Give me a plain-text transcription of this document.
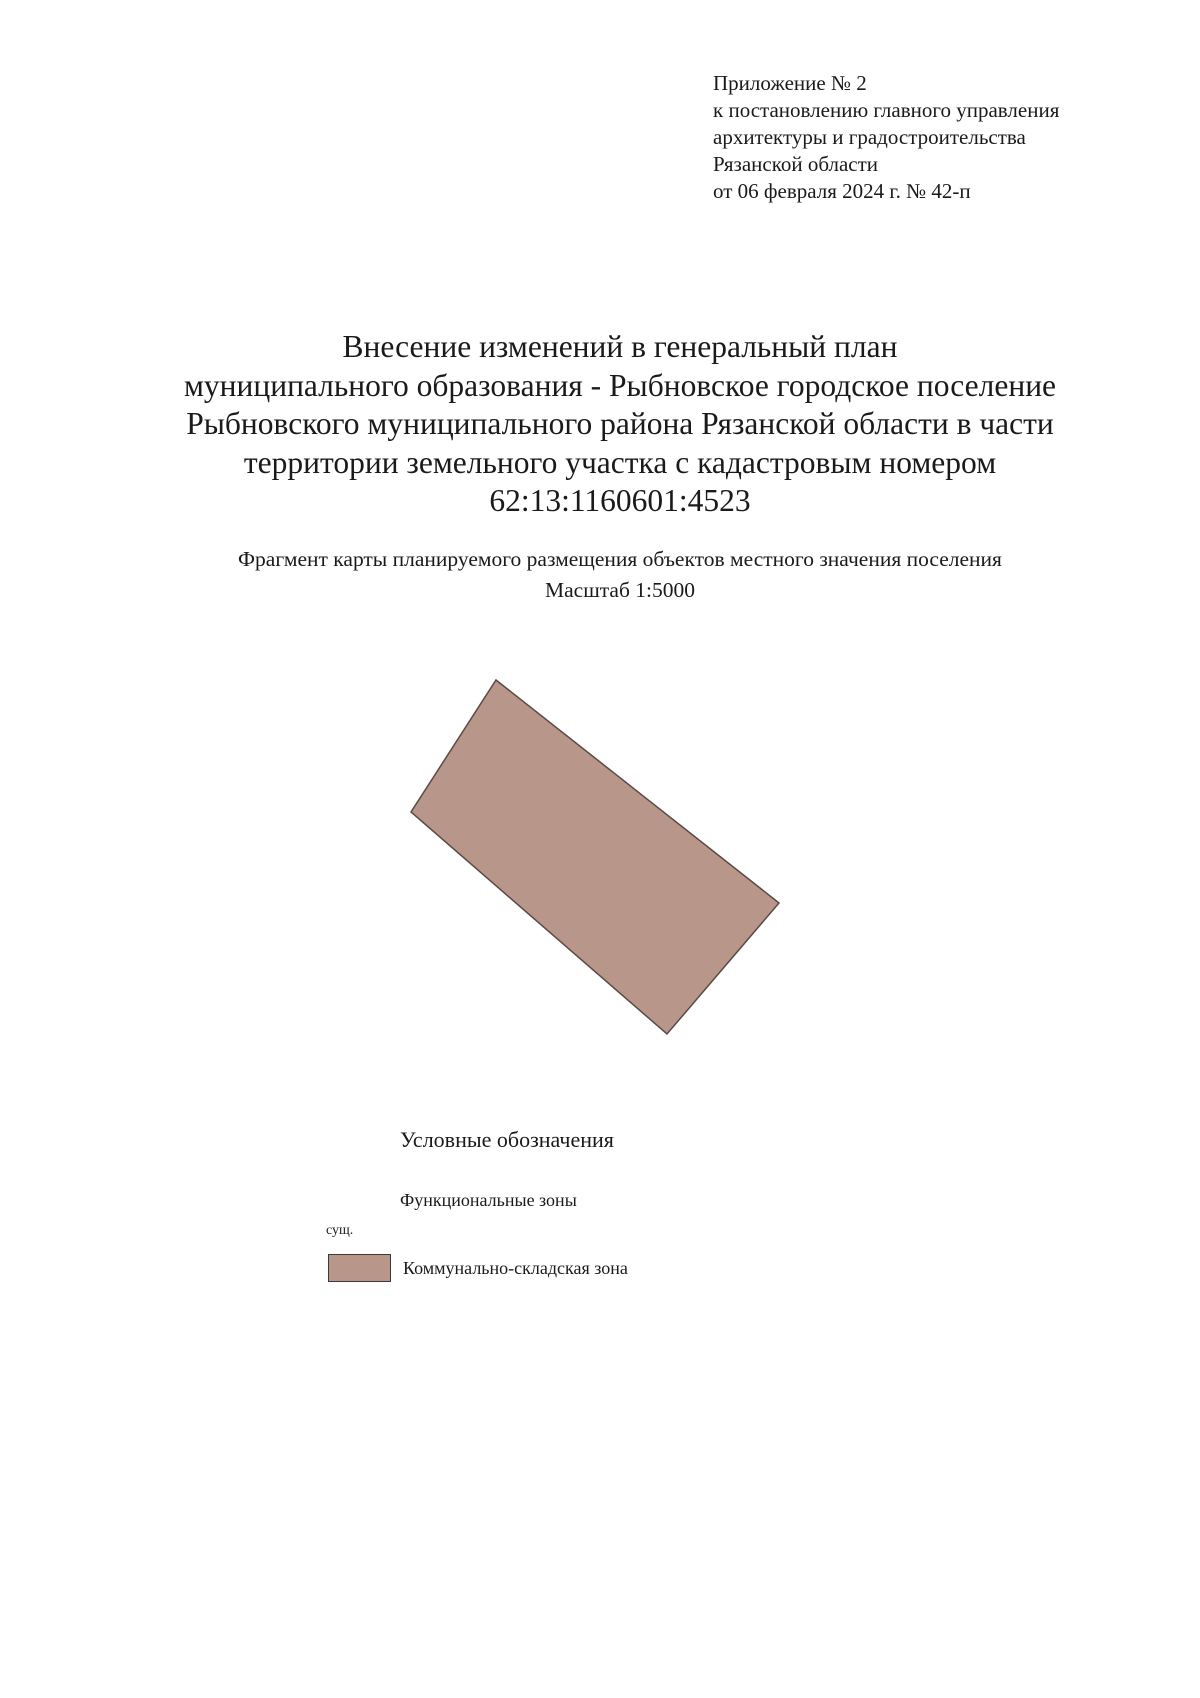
Приложение № 2
к постановлению главного управления
архитектуры и градостроительства
Рязанской области
от 06 февраля 2024 г. № 42-п
Внесение изменений в генеральный план
муниципального образования - Рыбновское городское поселение
Рыбновского муниципального района Рязанской области в части
территории земельного участка с кадастровым номером
62:13:1160601:4523
Фрагмент карты планируемого размещения объектов местного значения поселения
Масштаб 1:5000
Условные обозначения
Функциональные зоны
сущ.
Коммунально-складская зона
